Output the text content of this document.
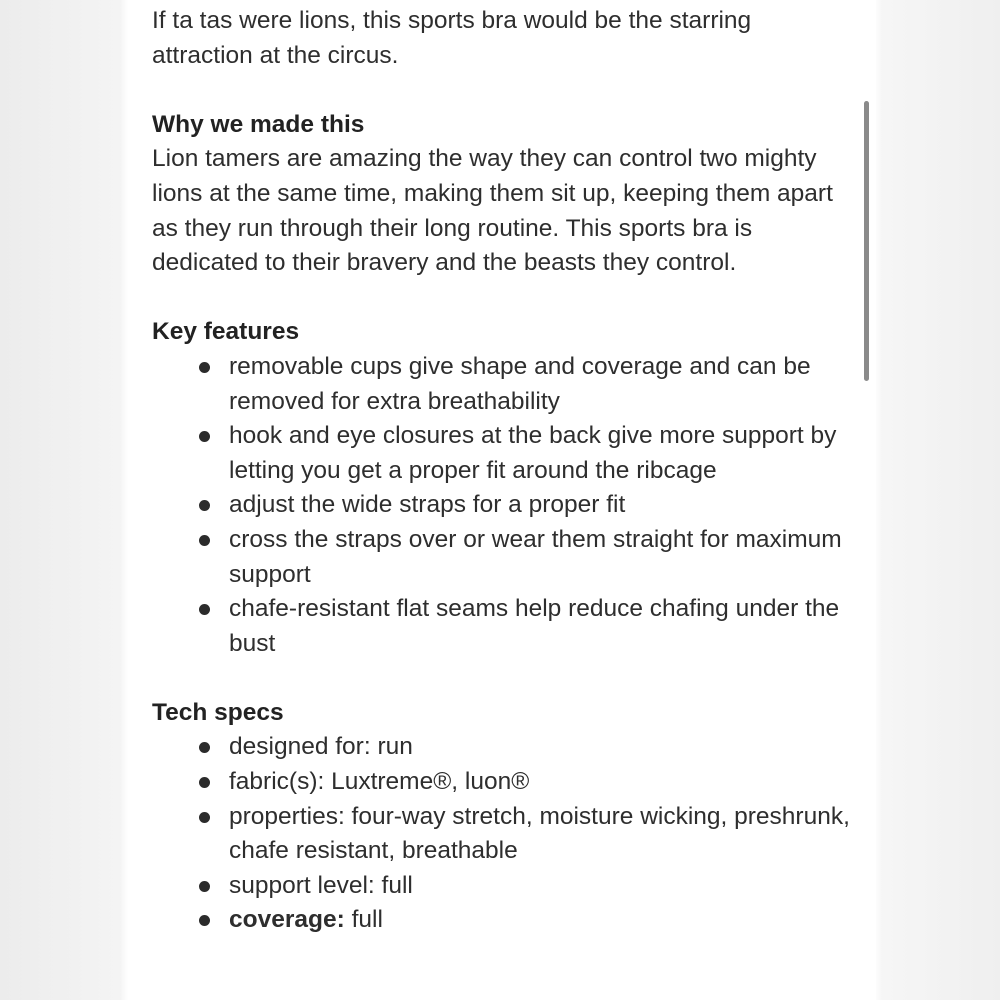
If ta tas were lions, this sports bra would be the starring attraction at the circus.

Why we made this

Lion tamers are amazing the way they can control two mighty lions at the same time, making them sit up, keeping them apart as they run through their long routine. This sports bra is dedicated to their bravery and the beasts they control.

Key features
removable cups give shape and coverage and can be removed for extra breathability
hook and eye closures at the back give more support by letting you get a proper fit around the ribcage
adjust the wide straps for a proper fit
cross the straps over or wear them straight for maximum support
chafe-resistant flat seams help reduce chafing under the bust
Tech specs
designed for: run
fabric(s): Luxtreme®, luon®
properties: four-way stretch, moisture wicking, preshrunk, chafe resistant, breathable
support level: full
coverage: full
